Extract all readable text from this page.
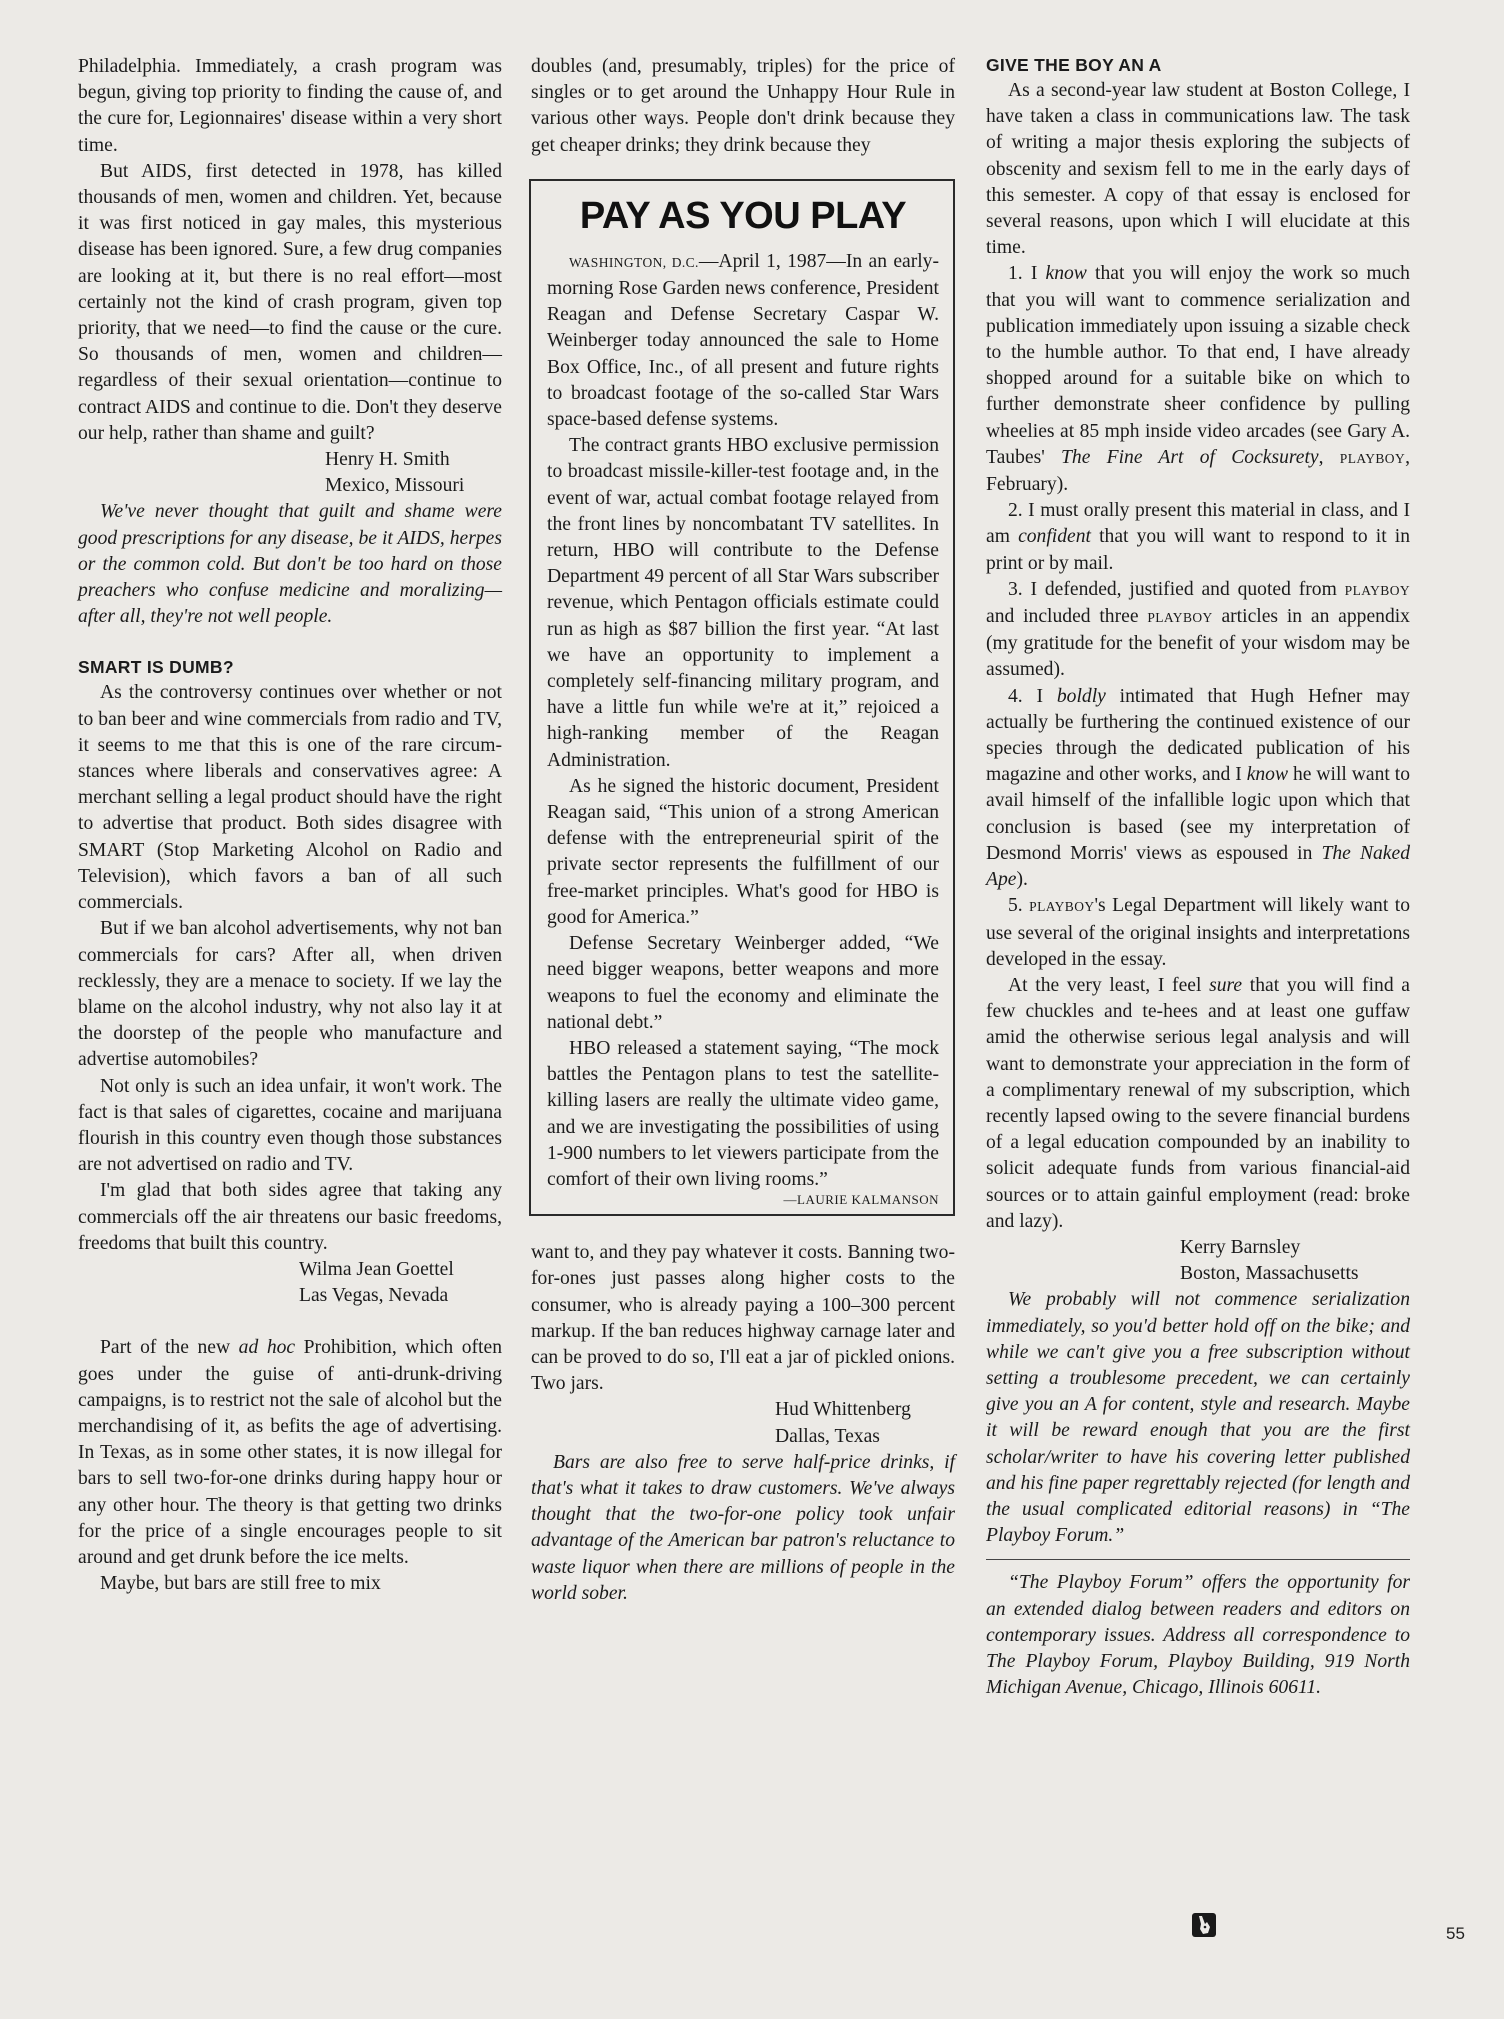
Philadelphia. Immediately, a crash program was begun, giving top priority to finding the cause of, and the cure for, Legionnaires' disease within a very short time.

But AIDS, first detected in 1978, has killed thousands of men, women and children. Yet, because it was first noticed in gay males, this mysterious disease has been ignored. Sure, a few drug companies are looking at it, but there is no real effort—most certainly not the kind of crash program, given top priority, that we need—to find the cause or the cure. So thousands of men, women and children—regardless of their sexual orientation—continue to contract AIDS and continue to die. Don't they deserve our help, rather than shame and guilt?

Henry H. Smith
Mexico, Missouri

We've never thought that guilt and shame were good prescriptions for any disease, be it AIDS, herpes or the common cold. But don't be too hard on those preachers who confuse medicine and moralizing—after all, they're not well people.

SMART IS DUMB?

As the controversy continues over whether or not to ban beer and wine commercials from radio and TV, it seems to me that this is one of the rare circumstances where liberals and conservatives agree: A merchant selling a legal product should have the right to advertise that product. Both sides disagree with SMART (Stop Marketing Alcohol on Radio and Television), which favors a ban of all such commercials.

But if we ban alcohol advertisements, why not ban commercials for cars? After all, when driven recklessly, they are a menace to society. If we lay the blame on the alcohol industry, why not also lay it at the doorstep of the people who manufacture and advertise automobiles?

Not only is such an idea unfair, it won't work. The fact is that sales of cigarettes, cocaine and marijuana flourish in this country even though those substances are not advertised on radio and TV.

I'm glad that both sides agree that taking any commercials off the air threatens our basic freedoms, freedoms that built this country.

Wilma Jean Goettel
Las Vegas, Nevada

Part of the new ad hoc Prohibition, which often goes under the guise of anti-drunk-driving campaigns, is to restrict not the sale of alcohol but the merchandising of it, as befits the age of advertising. In Texas, as in some other states, it is now illegal for bars to sell two-for-one drinks during happy hour or any other hour. The theory is that getting two drinks for the price of a single encourages people to sit around and get drunk before the ice melts.

Maybe, but bars are still free to mix

doubles (and, presumably, triples) for the price of singles or to get around the Unhappy Hour Rule in various other ways. People don't drink because they get cheaper drinks; they drink because they

PAY AS YOU PLAY

WASHINGTON, D.C.—April 1, 1987—In an early-morning Rose Garden news conference, President Reagan and Defense Secretary Caspar W. Weinberger today announced the sale to Home Box Office, Inc., of all present and future rights to broadcast footage of the so-called Star Wars space-based defense systems.

The contract grants HBO exclusive permission to broadcast missile-killer-test footage and, in the event of war, actual combat footage relayed from the front lines by noncombatant TV satellites. In return, HBO will contribute to the Defense Department 49 percent of all Star Wars subscriber revenue, which Pentagon officials estimate could run as high as $87 billion the first year. “At last we have an opportunity to implement a completely self-financing military program, and have a little fun while we're at it,” rejoiced a high-ranking member of the Reagan Administration.

As he signed the historic document, President Reagan said, “This union of a strong American defense with the entrepreneurial spirit of the private sector represents the fulfillment of our free-market principles. What's good for HBO is good for America.”

Defense Secretary Weinberger added, “We need bigger weapons, better weapons and more weapons to fuel the economy and eliminate the national debt.”

HBO released a statement saying, “The mock battles the Pentagon plans to test the satellite-killing lasers are really the ultimate video game, and we are investigating the possibilities of using 1-900 numbers to let viewers participate from the comfort of their own living rooms.”

—LAURIE KALMANSON

want to, and they pay whatever it costs. Banning two-for-ones just passes along higher costs to the consumer, who is already paying a 100–300 percent markup. If the ban reduces highway carnage later and can be proved to do so, I'll eat a jar of pickled onions. Two jars.

Hud Whittenberg
Dallas, Texas

Bars are also free to serve half-price drinks, if that's what it takes to draw customers. We've always thought that the two-for-one policy took unfair advantage of the American bar patron's reluctance to waste liquor when there are millions of people in the world sober.

GIVE THE BOY AN A

As a second-year law student at Boston College, I have taken a class in communications law. The task of writing a major thesis exploring the subjects of obscenity and sexism fell to me in the early days of this semester. A copy of that essay is enclosed for several reasons, upon which I will elucidate at this time.

1. I know that you will enjoy the work so much that you will want to commence serialization and publication immediately upon issuing a sizable check to the humble author. To that end, I have already shopped around for a suitable bike on which to further demonstrate sheer confidence by pulling wheelies at 85 mph inside video arcades (see Gary A. Taubes' The Fine Art of Cocksurety, PLAYBOY, February).

2. I must orally present this material in class, and I am confident that you will want to respond to it in print or by mail.

3. I defended, justified and quoted from PLAYBOY and included three PLAYBOY articles in an appendix (my gratitude for the benefit of your wisdom may be assumed).

4. I boldly intimated that Hugh Hefner may actually be furthering the continued existence of our species through the dedicated publication of his magazine and other works, and I know he will want to avail himself of the infallible logic upon which that conclusion is based (see my interpretation of Desmond Morris' views as espoused in The Naked Ape).

5. PLAYBOY's Legal Department will likely want to use several of the original insights and interpretations developed in the essay.

At the very least, I feel sure that you will find a few chuckles and te-hees and at least one guffaw amid the otherwise serious legal analysis and will want to demonstrate your appreciation in the form of a complimentary renewal of my subscription, which recently lapsed owing to the severe financial burdens of a legal education compounded by an inability to solicit adequate funds from various financial-aid sources or to attain gainful employment (read: broke and lazy).

Kerry Barnsley
Boston, Massachusetts

We probably will not commence serialization immediately, so you'd better hold off on the bike; and while we can't give you a free subscription without setting a troublesome precedent, we can certainly give you an A for content, style and research. Maybe it will be reward enough that you are the first scholar/writer to have his covering letter published and his fine paper regrettably rejected (for length and the usual complicated editorial reasons) in “The Playboy Forum.”

“The Playboy Forum” offers the opportunity for an extended dialog between readers and editors on contemporary issues. Address all correspondence to The Playboy Forum, Playboy Building, 919 North Michigan Avenue, Chicago, Illinois 60611.

55
